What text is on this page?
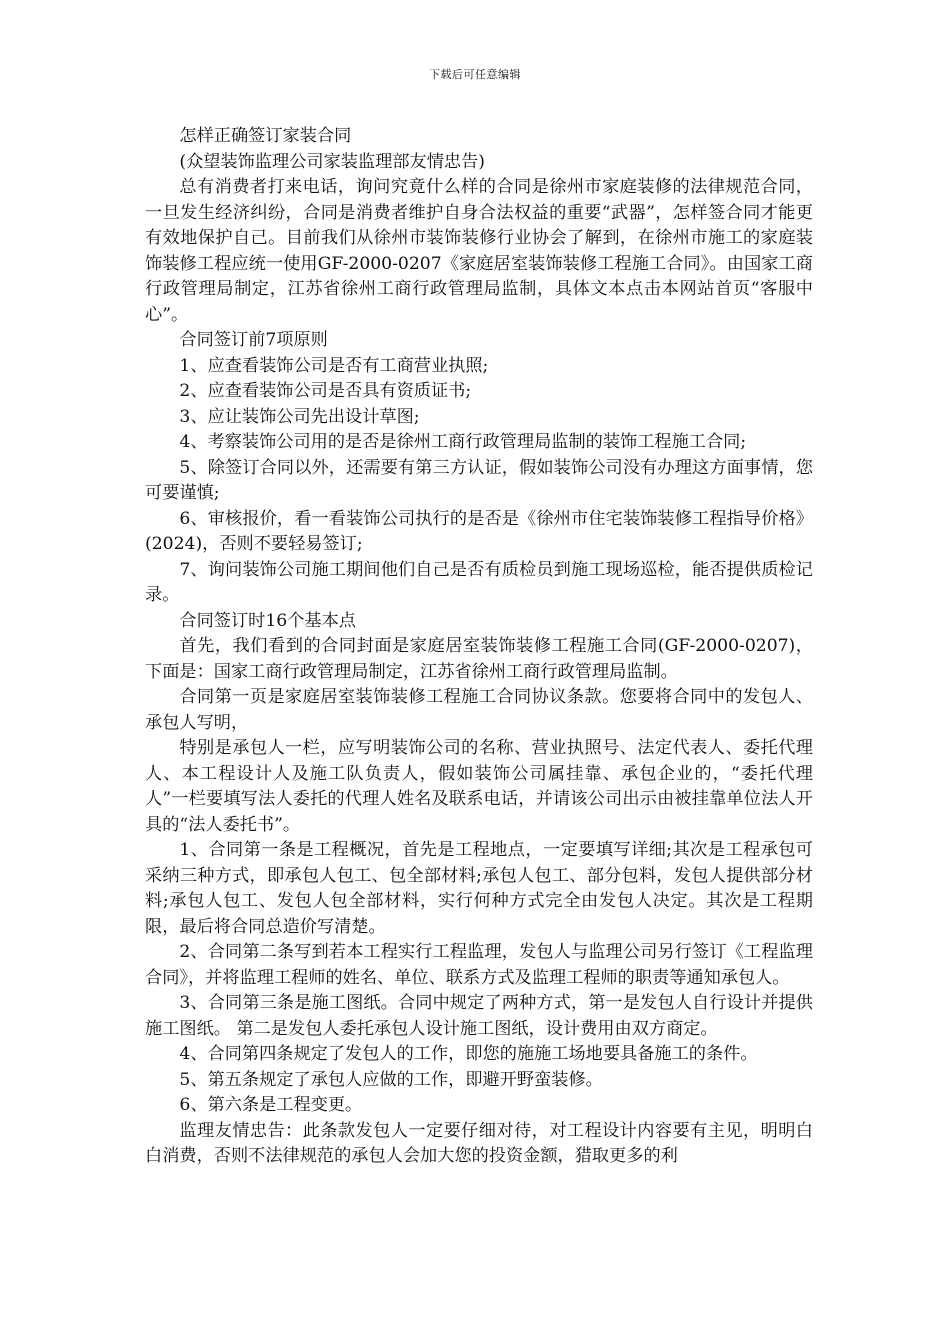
下载后可任意编辑

怎样正确签订家装合同

(众望装饰监理公司家装监理部友情忠告)

总有消费者打来电话，询问究竟什么样的合同是徐州市家庭装修的法律规范合同，一旦发生经济纠纷，合同是消费者维护自身合法权益的重要“武器”，怎样签合同才能更有效地保护自己。目前我们从徐州市装饰装修行业协会了解到，在徐州市施工的家庭装饰装修工程应统一使用GF-2000-0207《家庭居室装饰装修工程施工合同》。由国家工商行政管理局制定，江苏省徐州工商行政管理局监制，具体文本点击本网站首页“客服中心”。

合同签订前7项原则

1、应查看装饰公司是否有工商营业执照;

2、应查看装饰公司是否具有资质证书;

3、应让装饰公司先出设计草图;

4、考察装饰公司用的是否是徐州工商行政管理局监制的装饰工程施工合同;

5、除签订合同以外，还需要有第三方认证，假如装饰公司没有办理这方面事情，您可要谨慎;

6、审核报价，看一看装饰公司执行的是否是《徐州市住宅装饰装修工程指导价格》(2024)，否则不要轻易签订;

7、询问装饰公司施工期间他们自己是否有质检员到施工现场巡检，能否提供质检记录。

合同签订时16个基本点

首先，我们看到的合同封面是家庭居室装饰装修工程施工合同(GF-2000-0207)，下面是：国家工商行政管理局制定，江苏省徐州工商行政管理局监制。

合同第一页是家庭居室装饰装修工程施工合同协议条款。您要将合同中的发包人、承包人写明，

特别是承包人一栏，应写明装饰公司的名称、营业执照号、法定代表人、委托代理人、本工程设计人及施工队负责人，假如装饰公司属挂靠、承包企业的，“委托代理人”一栏要填写法人委托的代理人姓名及联系电话，并请该公司出示由被挂靠单位法人开具的“法人委托书”。

1、合同第一条是工程概况，首先是工程地点，一定要填写详细;其次是工程承包可采纳三种方式，即承包人包工、包全部材料;承包人包工、部分包料，发包人提供部分材料;承包人包工、发包人包全部材料，实行何种方式完全由发包人决定。其次是工程期限，最后将合同总造价写清楚。

2、合同第二条写到若本工程实行工程监理，发包人与监理公司另行签订《工程监理合同》，并将监理工程师的姓名、单位、联系方式及监理工程师的职责等通知承包人。

3、合同第三条是施工图纸。合同中规定了两种方式，第一是发包人自行设计并提供施工图纸。 第二是发包人委托承包人设计施工图纸，设计费用由双方商定。

4、合同第四条规定了发包人的工作，即您的施施工场地要具备施工的条件。

5、第五条规定了承包人应做的工作，即避开野蛮装修。

6、第六条是工程变更。

监理友情忠告：此条款发包人一定要仔细对待，对工程设计内容要有主见，明明白白消费，否则不法律规范的承包人会加大您的投资金额，猎取更多的利
